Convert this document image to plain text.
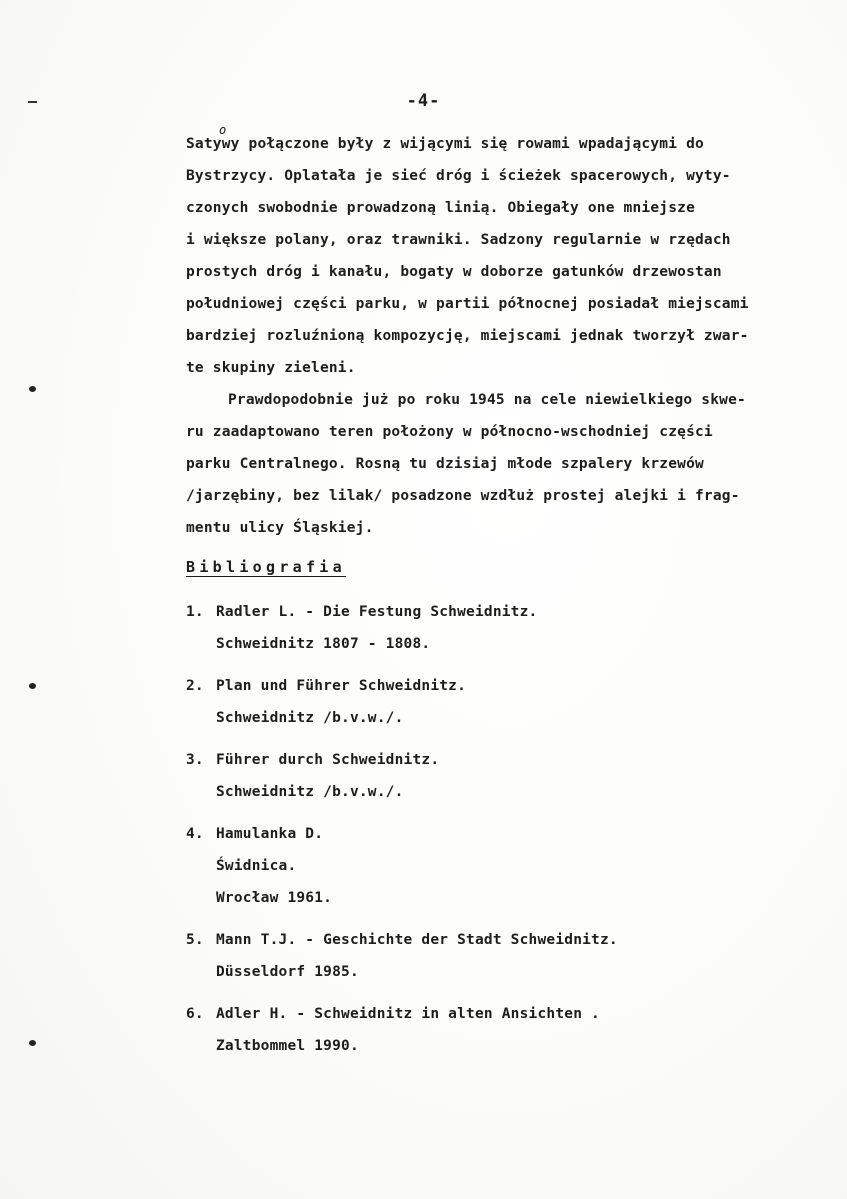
-4-
o
Satywy połączone były z wijącymi się rowami wpadającymi do
Bystrzycy. Oplatała je sieć dróg i ścieżek spacerowych, wyty-
czonych swobodnie prowadzoną linią. Obiegały one mniejsze
i większe polany, oraz trawniki. Sadzony regularnie w rzędach
prostych dróg i kanału, bogaty w doborze gatunków drzewostan
południowej części parku, w partii północnej posiadał miejscami
bardziej rozluźnioną kompozycję, miejscami jednak tworzył zwar-
te skupiny zieleni.
Prawdopodobnie już po roku 1945 na cele niewielkiego skwe-
ru zaadaptowano teren położony w północno-wschodniej części
parku Centralnego. Rosną tu dzisiaj młode szpalery krzewów
/jarzębiny, bez lilak/ posadzone wzdłuż prostej alejki i frag-
mentu ulicy Śląskiej.
Bibliografia
1. Radler L. - Die Festung Schweidnitz.
Schweidnitz 1807 - 1808.
2. Plan und Führer Schweidnitz.
Schweidnitz /b.v.w./.
3. Führer durch Schweidnitz.
Schweidnitz /b.v.w./.
4. Hamulanka D.
Świdnica.
Wrocław 1961.
5. Mann T.J. - Geschichte der Stadt Schweidnitz.
Düsseldorf 1985.
6. Adler H. - Schweidnitz in alten Ansichten .
Zaltbommel 1990.
